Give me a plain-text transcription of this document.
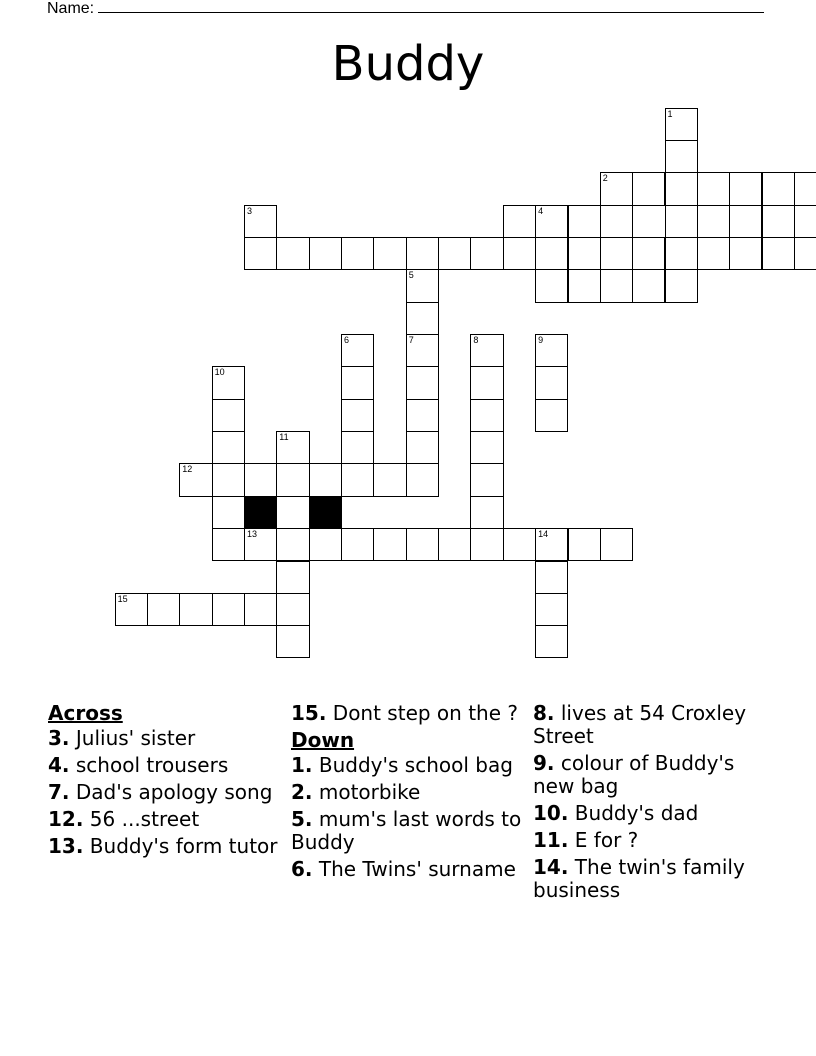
Name:
Buddy
1
2
4
7
6	8	9
10
11
12
13	14
15
3
5
Across
3. Julius' sister
4. school trousers
7. Dad's apology song
12. 56 ...street
13. Buddy's form tutor
15. Dont step on the ?
Down
1. Buddy's school bag
2. motorbike
5. mum's last words to Buddy
6. The Twins' surname
8. lives at 54 Croxley Street
9. colour of Buddy's new bag
10. Buddy's dad
11. E for ?
14. The twin's family business
